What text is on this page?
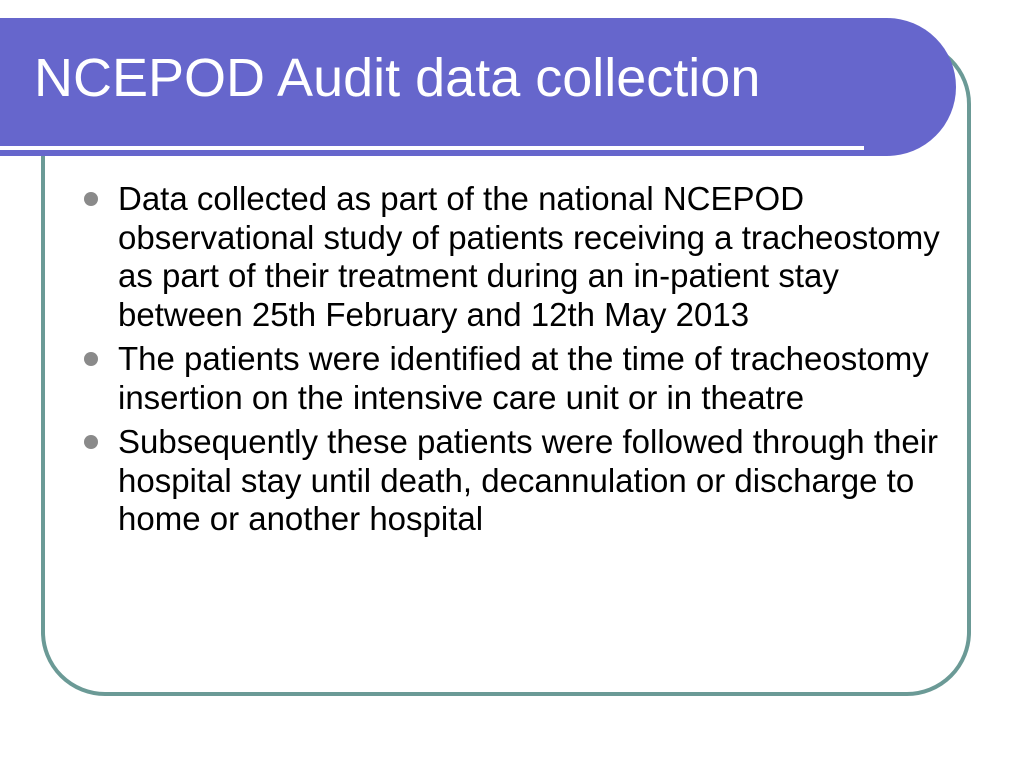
NCEPOD Audit data collection
Data collected as part of the national NCEPOD observational study of patients receiving a tracheostomy as part of their treatment during an in-patient stay between 25th February and 12th May 2013
The patients were identified at the time of tracheostomy insertion on the intensive care unit or in theatre
Subsequently these patients were followed through their hospital stay until death, decannulation or discharge to home or another hospital
